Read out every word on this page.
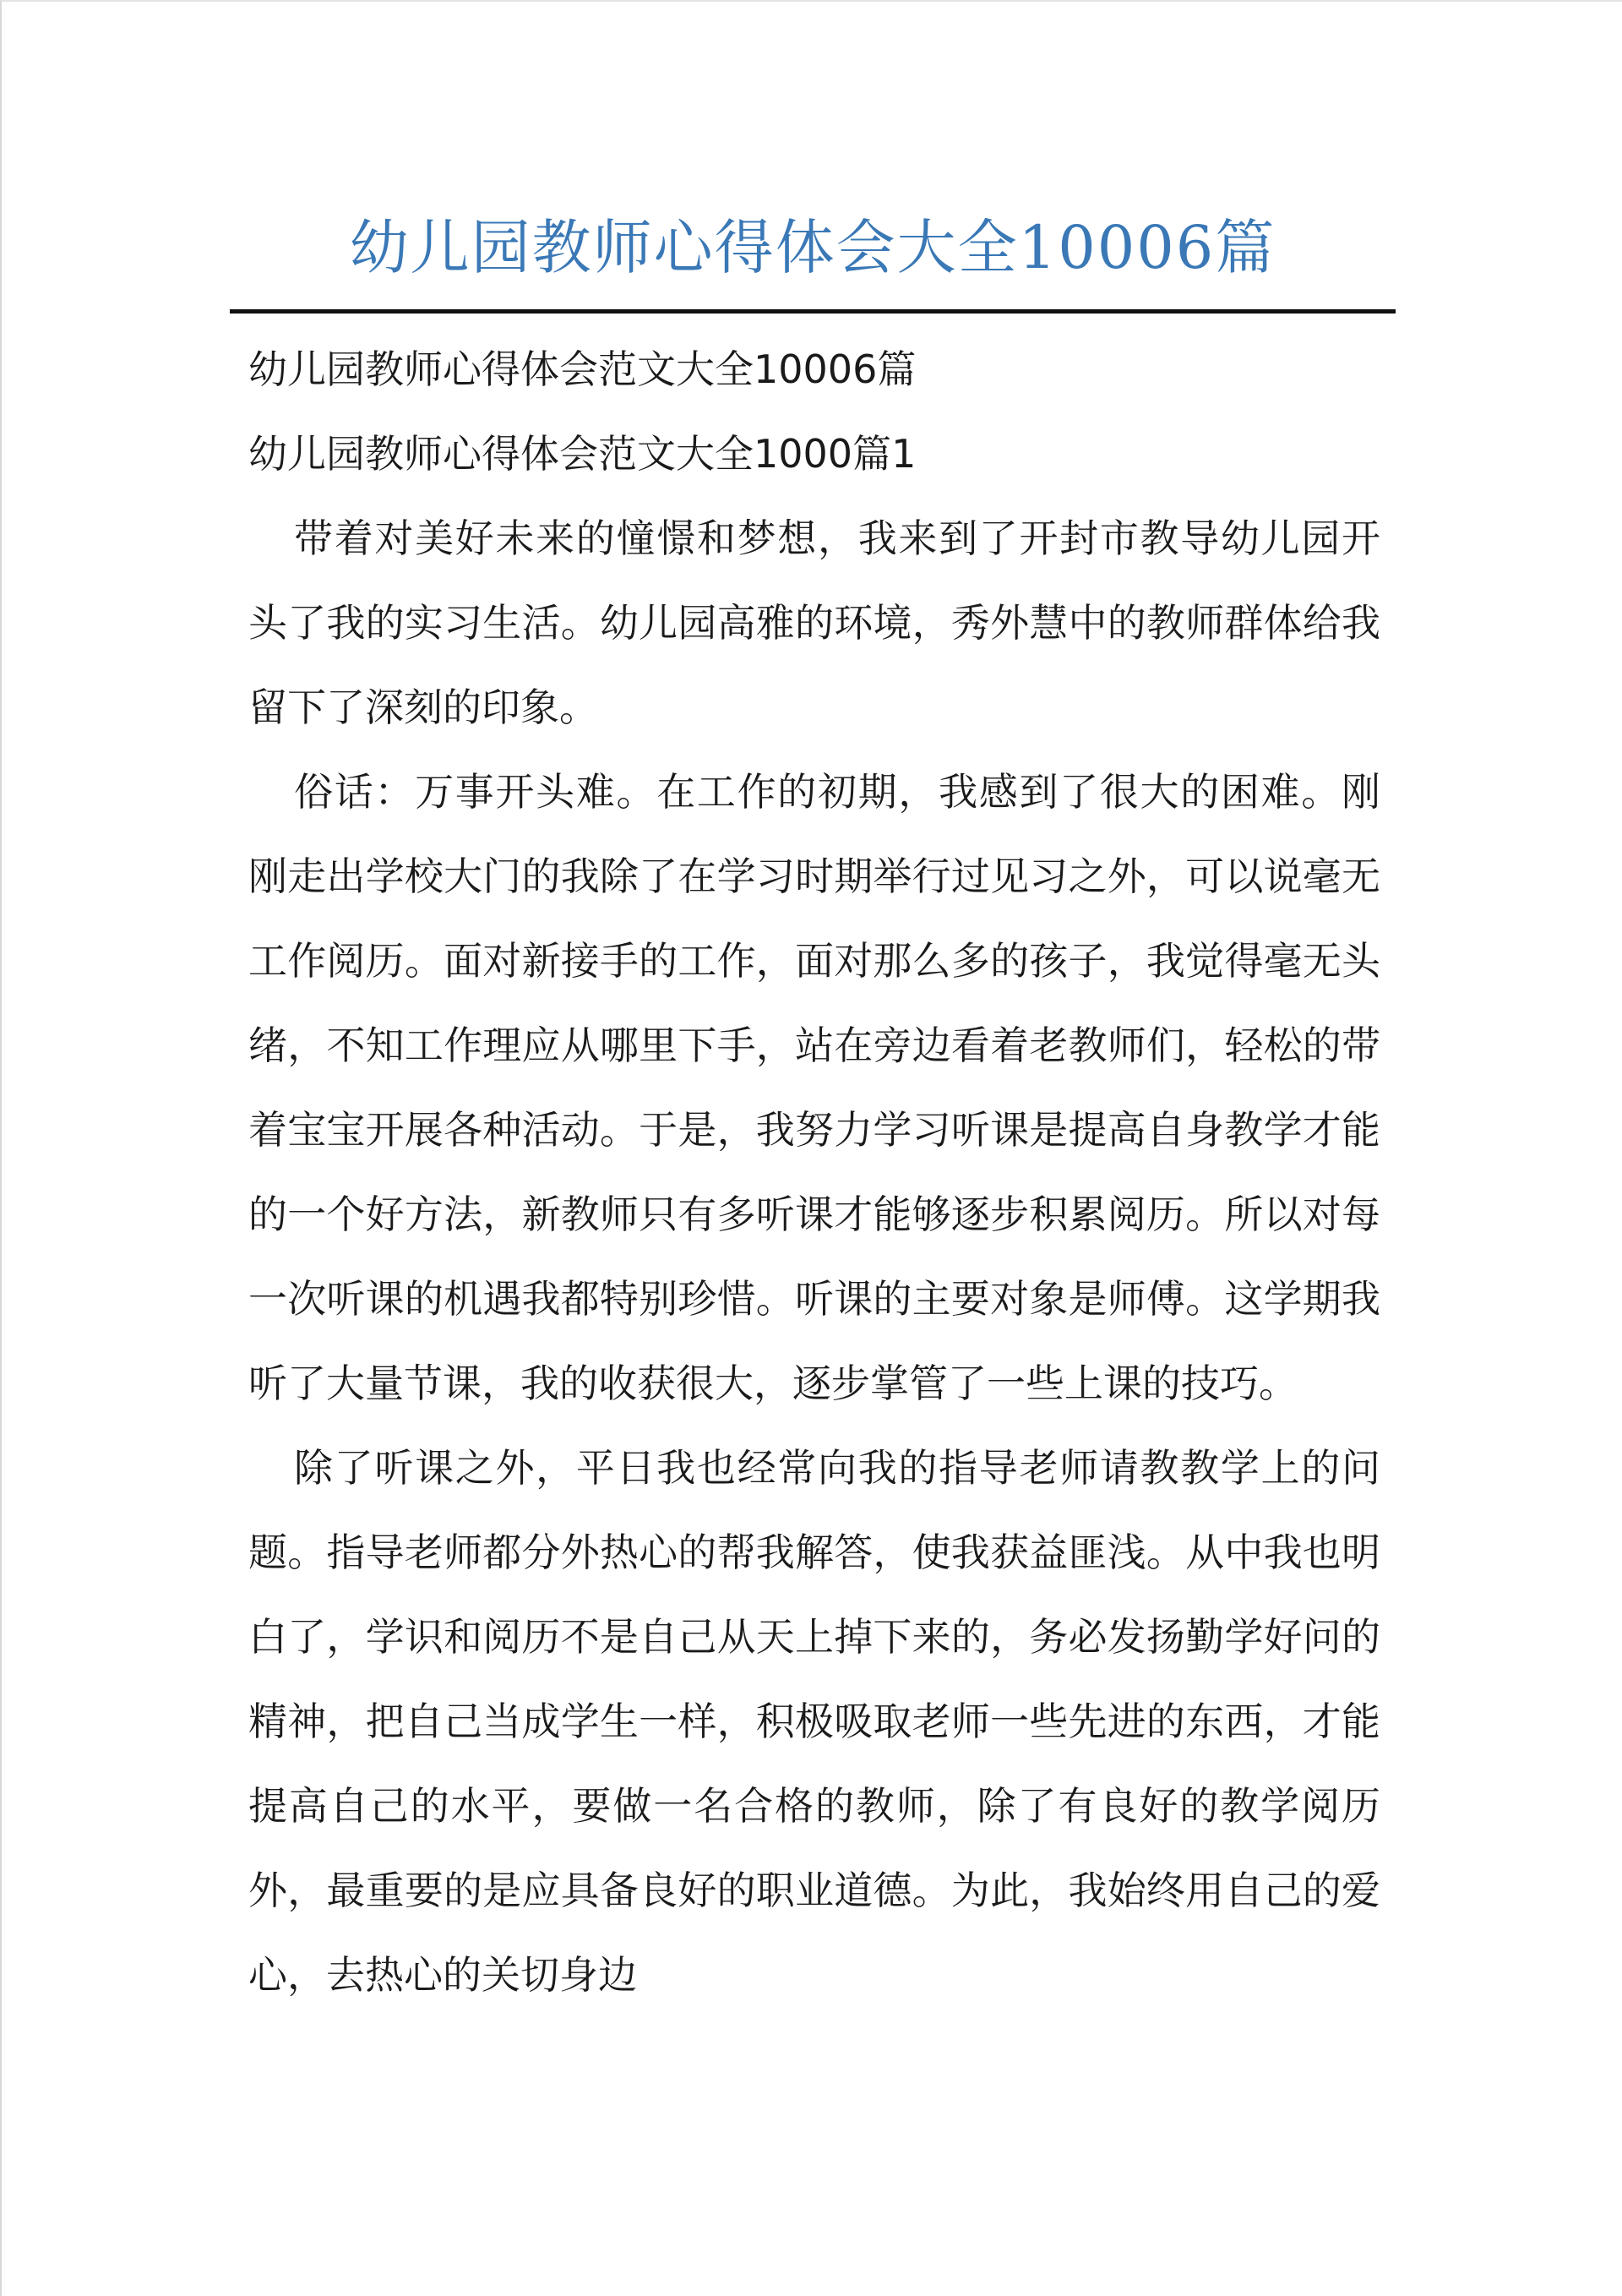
幼儿园教师心得体会大全10006篇
幼儿园教师心得体会范文大全10006篇
幼儿园教师心得体会范文大全1000篇1

带着对美好未来的憧憬和梦想，我来到了开封市教导幼儿园开头了我的实习生活。幼儿园高雅的环境，秀外慧中的教师群体给我留下了深刻的印象。

俗话：万事开头难。在工作的初期，我感到了很大的困难。刚刚走出学校大门的我除了在学习时期举行过见习之外，可以说毫无工作阅历。面对新接手的工作，面对那么多的孩子，我觉得毫无头绪，不知工作理应从哪里下手，站在旁边看着老教师们，轻松的带着宝宝开展各种活动。于是，我努力学习听课是提高自身教学才能的一个好方法，新教师只有多听课才能够逐步积累阅历。所以对每一次听课的机遇我都特别珍惜。听课的主要对象是师傅。这学期我听了大量节课，我的收获很大，逐步掌管了一些上课的技巧。

除了听课之外，平日我也经常向我的指导老师请教教学上的问题。指导老师都分外热心的帮我解答，使我获益匪浅。从中我也明白了，学识和阅历不是自己从天上掉下来的，务必发扬勤学好问的精神，把自己当成学生一样，积极吸取老师一些先进的东西，才能提高自己的水平，要做一名合格的教师，除了有良好的教学阅历外，最重要的是应具备良好的职业道德。为此，我始终用自己的爱心，去热心的关切身边
